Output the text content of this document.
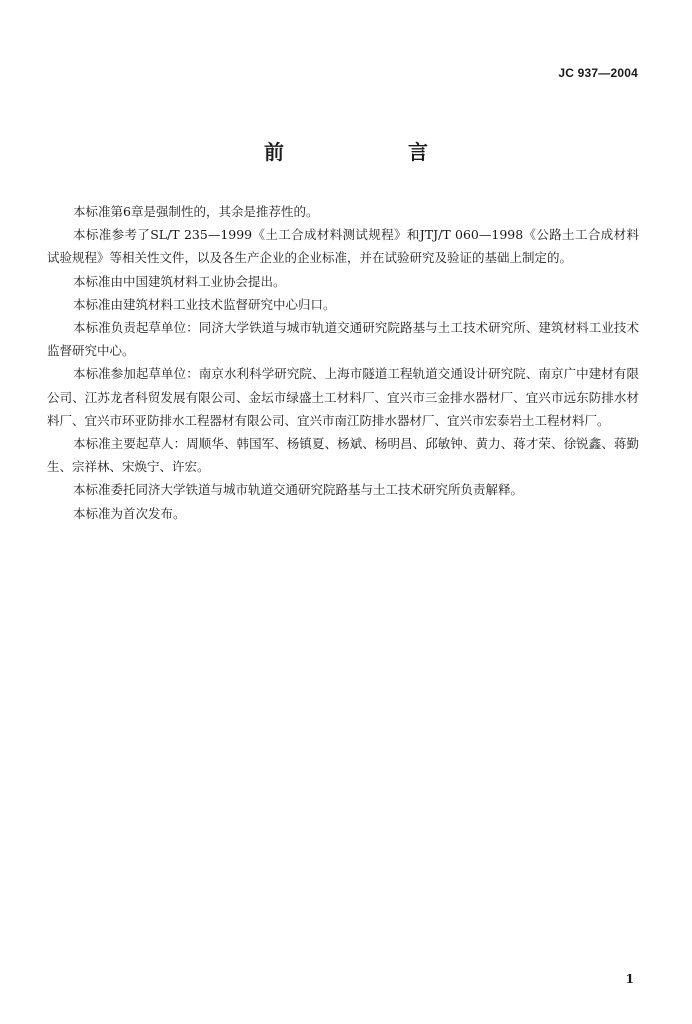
JC 937—2004
前　　言

本标准第6章是强制性的，其余是推荐性的。

本标准参考了SL/T 235—1999《土工合成材料测试规程》和JTJ/T 060—1998《公路土工合成材料试验规程》等相关性文件，以及各生产企业的企业标准，并在试验研究及验证的基础上制定的。

本标准由中国建筑材料工业协会提出。

本标准由建筑材料工业技术监督研究中心归口。

本标准负责起草单位：同济大学铁道与城市轨道交通研究院路基与土工技术研究所、建筑材料工业技术监督研究中心。

本标准参加起草单位：南京水利科学研究院、上海市隧道工程轨道交通设计研究院、南京广中建材有限公司、江苏龙者科贸发展有限公司、金坛市绿盛土工材料厂、宜兴市三金排水器材厂、宜兴市远东防排水材料厂、宜兴市环亚防排水工程器材有限公司、宜兴市南江防排水器材厂、宜兴市宏泰岩土工程材料厂。

本标准主要起草人：周顺华、韩国军、杨镇夏、杨斌、杨明昌、邱敏钟、黄力、蒋才荣、徐锐鑫、蒋勤生、宗祥林、宋焕宁、许宏。

本标准委托同济大学铁道与城市轨道交通研究院路基与土工技术研究所负责解释。

本标准为首次发布。

1
